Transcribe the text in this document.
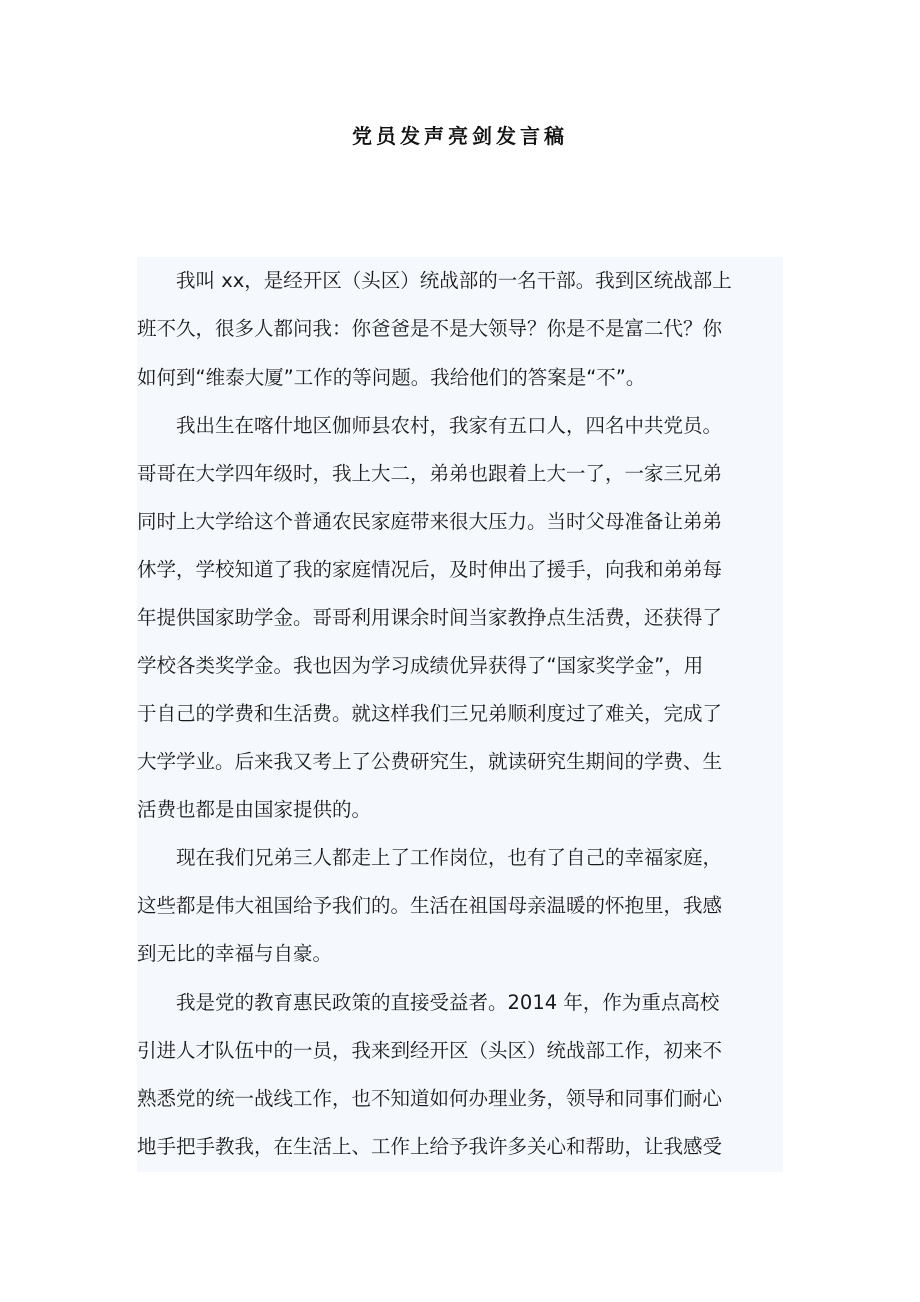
党员发声亮剑发言稿
我叫 xx，是经开区（头区）统战部的一名干部。我到区统战部上
班不久，很多人都问我：你爸爸是不是大领导？你是不是富二代？你
如何到“维泰大厦”工作的等问题。我给他们的答案是“不”。
我出生在喀什地区伽师县农村，我家有五口人，四名中共党员。
哥哥在大学四年级时，我上大二，弟弟也跟着上大一了，一家三兄弟
同时上大学给这个普通农民家庭带来很大压力。当时父母准备让弟弟
休学，学校知道了我的家庭情况后，及时伸出了援手，向我和弟弟每
年提供国家助学金。哥哥利用课余时间当家教挣点生活费，还获得了
学校各类奖学金。我也因为学习成绩优异获得了“国家奖学金”，用
于自己的学费和生活费。就这样我们三兄弟顺利度过了难关，完成了
大学学业。后来我又考上了公费研究生，就读研究生期间的学费、生
活费也都是由国家提供的。
现在我们兄弟三人都走上了工作岗位，也有了自己的幸福家庭，
这些都是伟大祖国给予我们的。生活在祖国母亲温暖的怀抱里，我感
到无比的幸福与自豪。
我是党的教育惠民政策的直接受益者。2014 年，作为重点高校
引进人才队伍中的一员，我来到经开区（头区）统战部工作，初来不
熟悉党的统一战线工作，也不知道如何办理业务，领导和同事们耐心
地手把手教我，在生活上、工作上给予我许多关心和帮助，让我感受
